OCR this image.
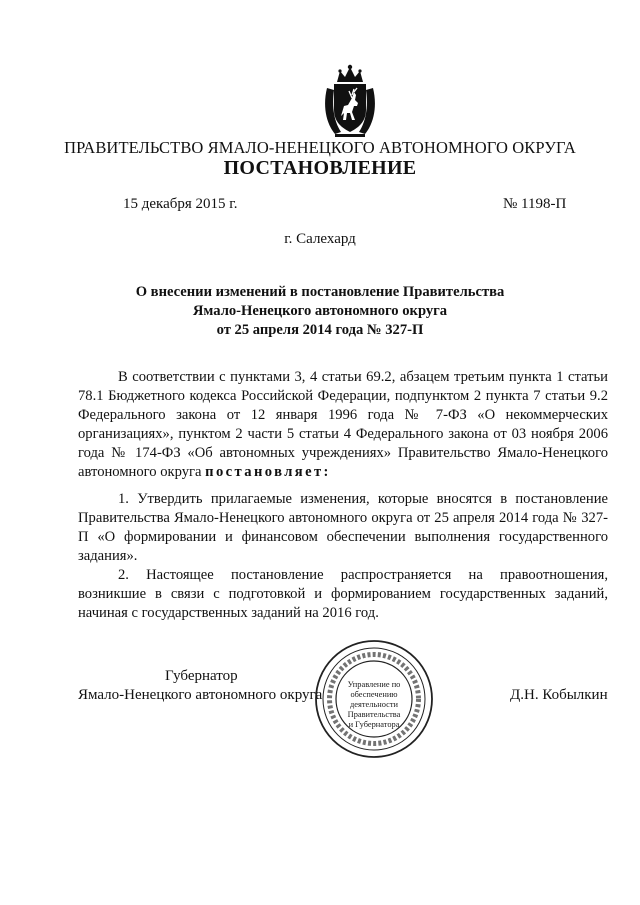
ПРАВИТЕЛЬСТВО ЯМАЛО-НЕНЕЦКОГО АВТОНОМНОГО ОКРУГА
ПОСТАНОВЛЕНИЕ
15 декабря 2015 г.	№ 1198-П
г. Салехард
О внесении изменений в постановление Правительства
Ямало-Ненецкого автономного округа
от 25 апреля 2014 года № 327-П
В соответствии с пунктами 3, 4 статьи 69.2, абзацем третьим пункта 1 статьи 78.1 Бюджетного кодекса Российской Федерации, подпунктом 2 пункта 7 статьи 9.2 Федерального закона от 12 января 1996 года № 7-ФЗ «О некоммерческих организациях», пунктом 2 части 5 статьи 4 Федерального закона от 03 ноября 2006 года № 174-ФЗ «Об автономных учреждениях» Правительство Ямало-Ненецкого автономного округа постановляет:
1. Утвердить прилагаемые изменения, которые вносятся в постановление Правительства Ямало-Ненецкого автономного округа от 25 апреля 2014 года № 327-П «О формировании и финансовом обеспечении выполнения государственного задания».
2. Настоящее постановление распространяется на правоотношения, возникшие в связи с подготовкой и формированием государственных заданий, начиная с государственных заданий на 2016 год.
Управление по
обеспечению
деятельности
Правительства
и Губернатора
Губернатор
Ямало-Ненецкого автономного округа	Д.Н. Кобылкин
